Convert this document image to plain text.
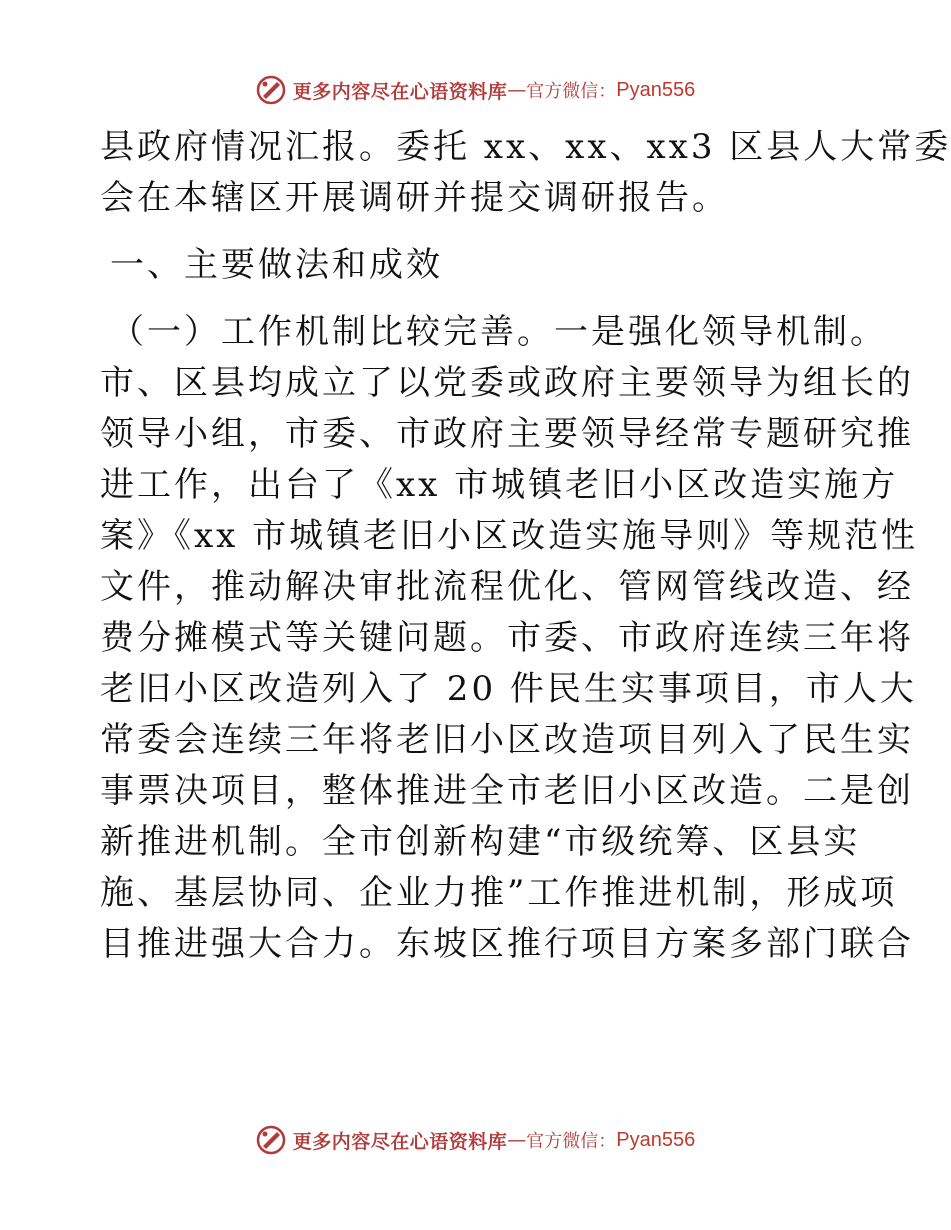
更多内容尽在心语资料库 — 官方微信： Pyan556
县政府情况汇报。委托 xx、xx、xx3 区县人大常委
会在本辖区开展调研并提交调研报告。
一、主要做法和成效
（一）工作机制比较完善。一是强化领导机制。
市、区县均成立了以党委或政府主要领导为组长的
领导小组，市委、市政府主要领导经常专题研究推
进工作，出台了《xx 市城镇老旧小区改造实施方
案》《xx 市城镇老旧小区改造实施导则》等规范性
文件，推动解决审批流程优化、管网管线改造、经
费分摊模式等关键问题。市委、市政府连续三年将
老旧小区改造列入了 20 件民生实事项目，市人大
常委会连续三年将老旧小区改造项目列入了民生实
事票决项目，整体推进全市老旧小区改造。二是创
新推进机制。全市创新构建“市级统筹、区县实
施、基层协同、企业力推”工作推进机制，形成项
目推进强大合力。东坡区推行项目方案多部门联合
更多内容尽在心语资料库 — 官方微信： Pyan556
